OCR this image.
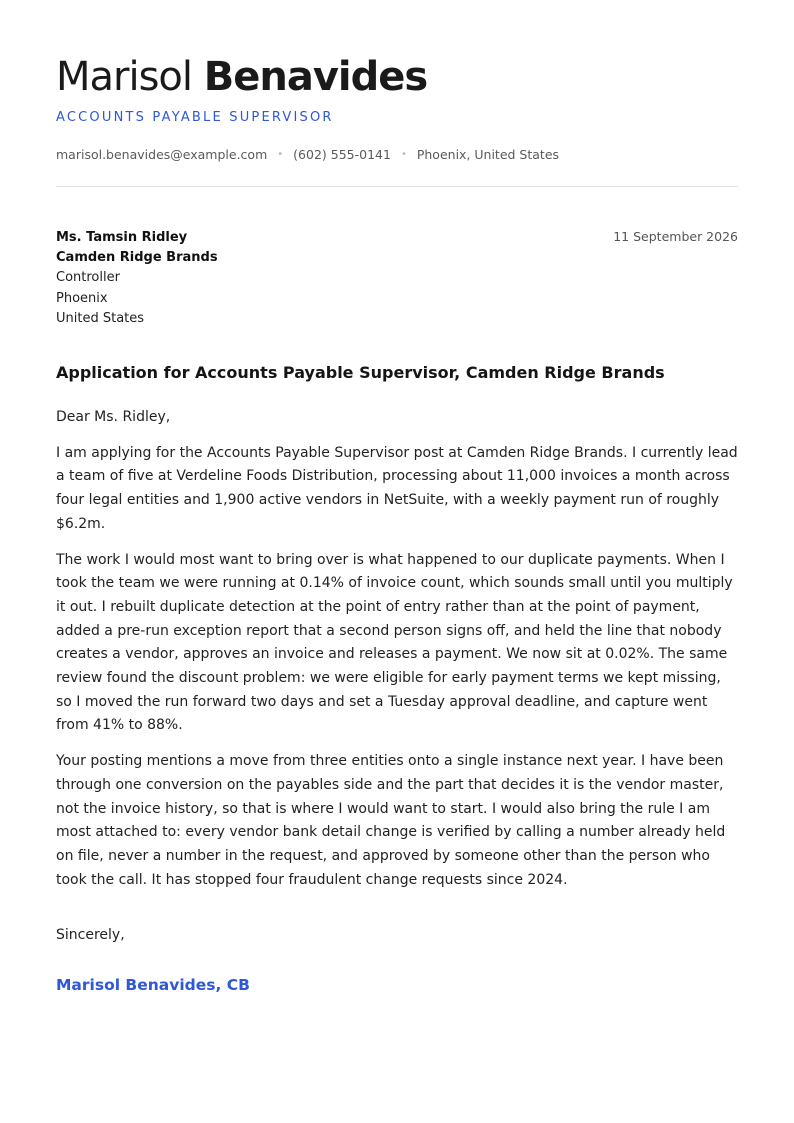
Marisol Benavides
ACCOUNTS PAYABLE SUPERVISOR
marisol.benavides@example.com • (602) 555-0141 • Phoenix, United States
Ms. Tamsin Ridley
Camden Ridge Brands
Controller
Phoenix
United States
11 September 2026
Application for Accounts Payable Supervisor, Camden Ridge Brands

Dear Ms. Ridley,

I am applying for the Accounts Payable Supervisor post at Camden Ridge Brands. I currently lead a team of five at Verdeline Foods Distribution, processing about 11,000 invoices a month across four legal entities and 1,900 active vendors in NetSuite, with a weekly payment run of roughly $6.2m.

The work I would most want to bring over is what happened to our duplicate payments. When I took the team we were running at 0.14% of invoice count, which sounds small until you multiply it out. I rebuilt duplicate detection at the point of entry rather than at the point of payment, added a pre-run exception report that a second person signs off, and held the line that nobody creates a vendor, approves an invoice and releases a payment. We now sit at 0.02%. The same review found the discount problem: we were eligible for early payment terms we kept missing, so I moved the run forward two days and set a Tuesday approval deadline, and capture went from 41% to 88%.

Your posting mentions a move from three entities onto a single instance next year. I have been through one conversion on the payables side and the part that decides it is the vendor master, not the invoice history, so that is where I would want to start. I would also bring the rule I am most attached to: every vendor bank detail change is verified by calling a number already held on file, never a number in the request, and approved by someone other than the person who took the call. It has stopped four fraudulent change requests since 2024.

Sincerely,
Marisol Benavides, CB
